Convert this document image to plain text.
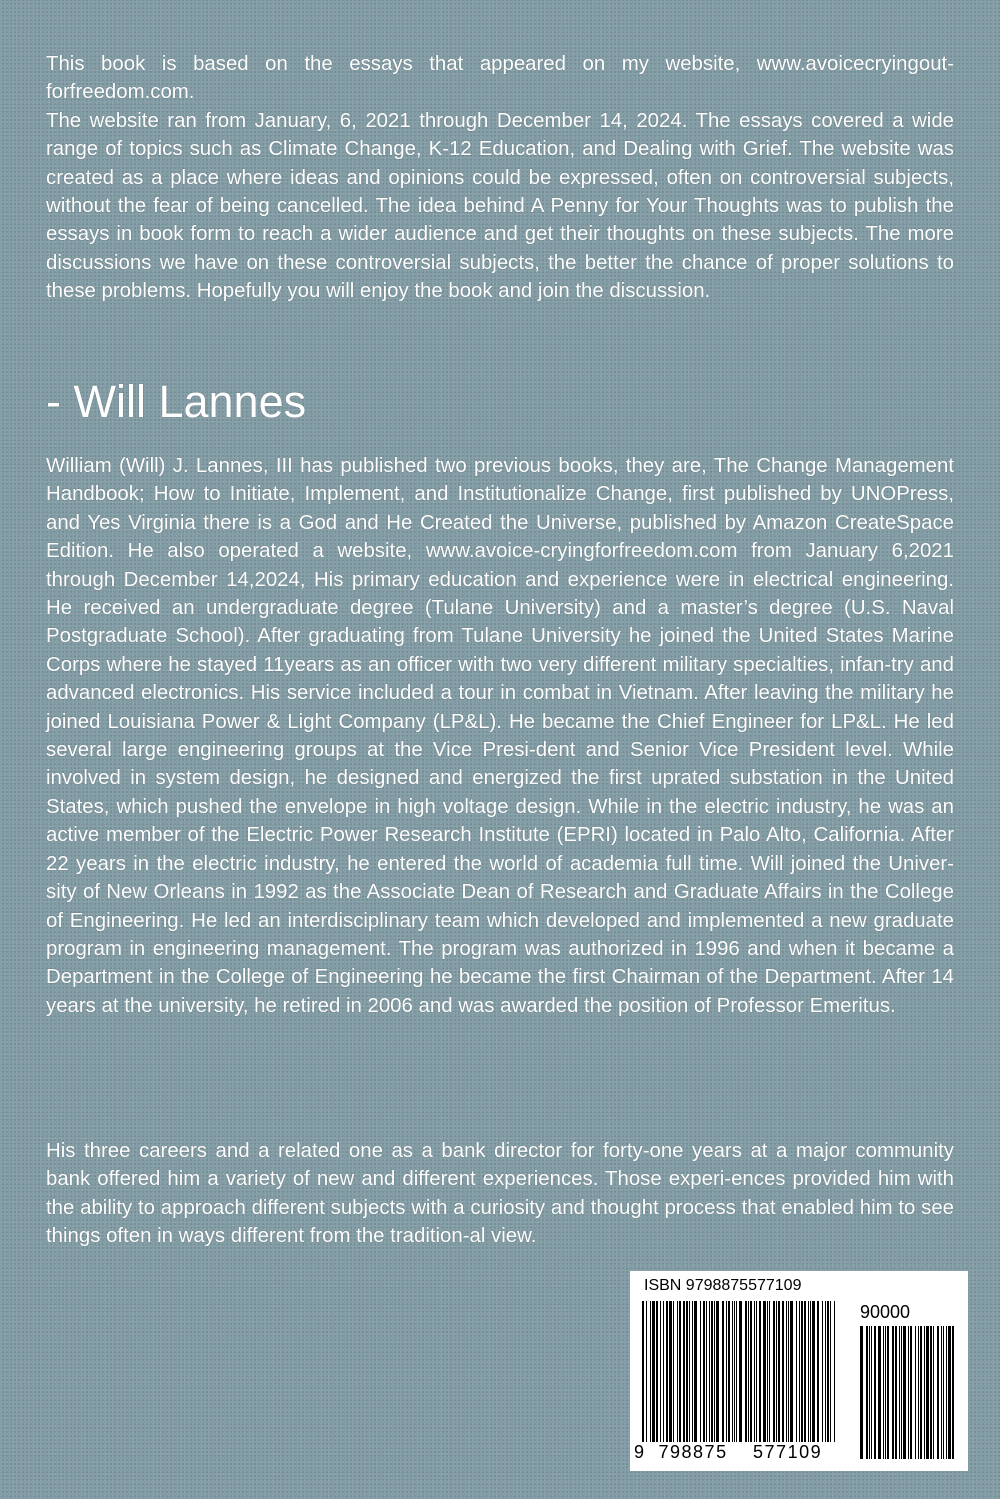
This book is based on the essays that appeared on my website, www.avoicecryingout-forfreedom.com.

The website ran from January, 6, 2021 through December 14, 2024. The essays covered a wide range of topics such as Climate Change, K-12 Education, and Dealing with Grief. The website was created as a place where ideas and opinions could be expressed, often on controversial subjects, without the fear of being cancelled. The idea behind A Penny for Your Thoughts was to publish the essays in book form to reach a wider audience and get their thoughts on these subjects. The more discussions we have on these controversial subjects, the better the chance of proper solutions to these problems. Hopefully you will enjoy the book and join the discussion.

- Will Lannes

William (Will) J. Lannes, III has published two previous books, they are, The Change Management Handbook; How to Initiate, Implement, and Institutionalize Change, first published by UNOPress, and Yes Virginia there is a God and He Created the Universe, published by Amazon CreateSpace Edition. He also operated a website, www.avoice-cryingforfreedom.com from January 6,2021 through December 14,2024, His primary education and experience were in electrical engineering. He received an undergraduate degree (Tulane University) and a master’s degree (U.S. Naval Postgraduate School). After graduating from Tulane University he joined the United States Marine Corps where he stayed 11years as an officer with two very different military specialties, infan-try and advanced electronics. His service included a tour in combat in Vietnam. After leaving the military he joined Louisiana Power & Light Company (LP&L). He became the Chief Engineer for LP&L. He led several large engineering groups at the Vice Presi-dent and Senior Vice President level. While involved in system design, he designed and energized the first uprated substation in the United States, which pushed the envelope in high voltage design. While in the electric industry, he was an active member of the Electric Power Research Institute (EPRI) located in Palo Alto, California. After 22 years in the electric industry, he entered the world of academia full time. Will joined the Univer-sity of New Orleans in 1992 as the Associate Dean of Research and Graduate Affairs in the College of Engineering. He led an interdisciplinary team which developed and implemented a new graduate program in engineering management. The program was authorized in 1996 and when it became a Department in the College of Engineering he became the first Chairman of the Department. After 14 years at the university, he retired in 2006 and was awarded the position of Professor Emeritus.

His three careers and a related one as a bank director for forty-one years at a major community bank offered him a variety of new and different experiences. Those experi-ences provided him with the ability to approach different subjects with a curiosity and thought process that enabled him to see things often in ways different from the tradition-al view.

ISBN 9798875577109
90000
9 798875 577109
